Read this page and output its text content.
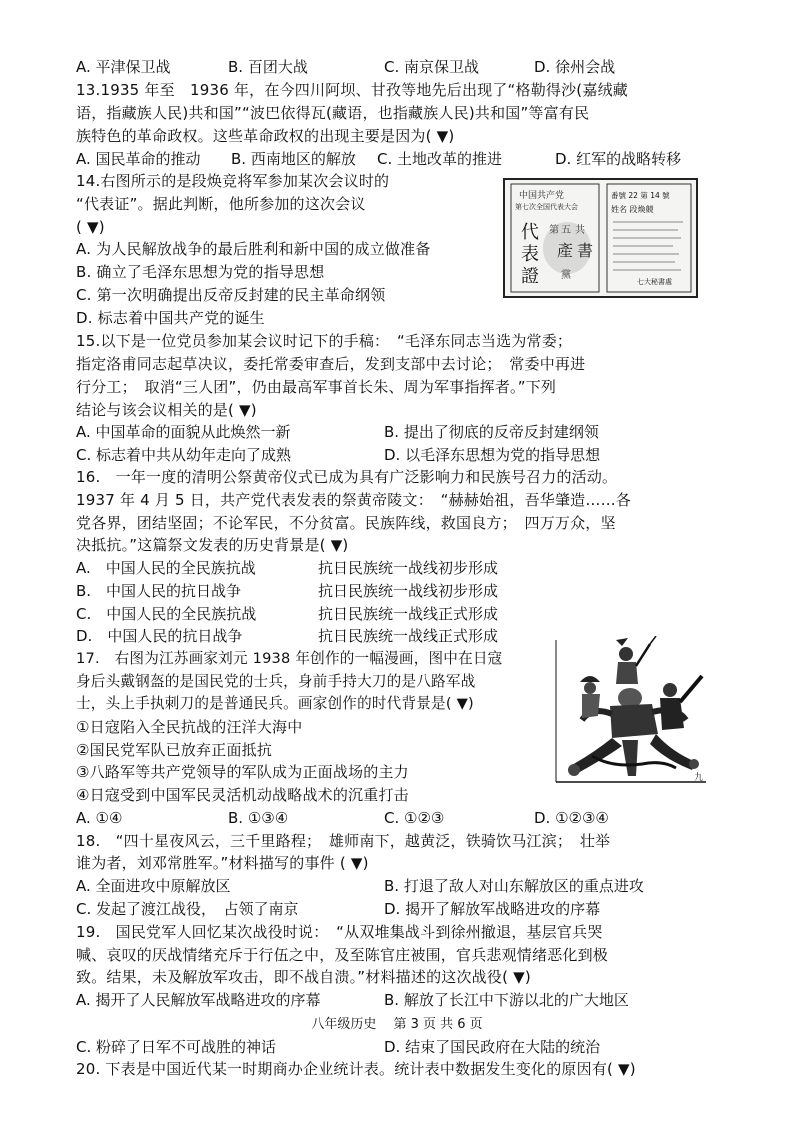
A. 平津保卫战	B. 百团大战	C. 南京保卫战	D. 徐州会战
13.1935 年至　1936 年，在今四川阿坝、甘孜等地先后出现了“格勒得沙(嘉绒藏
语，指藏族人民)共和国”“波巴依得瓦(藏语，也指藏族人民)共和国”等富有民
族特色的革命政权。这些革命政权的出现主要是因为( ▼)
A. 国民革命的推动 B. 西南地区的解放 C. 土地改革的推进	D. 红军的战略转移
14.右图所示的是段焕竞将军参加某次会议时的
“代表证”。据此判断，他所参加的这次会议
( ▼)
A. 为人民解放战争的最后胜利和新中国的成立做准备
B. 确立了毛泽东思想为党的指导思想
C. 第一次明确提出反帝反封建的民主革命纲领
D. 标志着中国共产党的诞生
中国共产党
第七次全国代表大会
代
表
證
第 五 共
產 書
黨
番號 22 第 14 號
姓名 段煥競
七大秘書處
15.以下是一位党员参加某会议时记下的手稿：　“毛泽东同志当选为常委；
指定洛甫同志起草决议，委托常委审查后，发到支部中去讨论；　常委中再进
行分工；　取消“三人团”，仍由最高军事首长朱、周为军事指挥者。”下列
结论与该会议相关的是( ▼)
A. 中国革命的面貌从此焕然一新	B. 提出了彻底的反帝反封建纲领
C. 标志着中共从幼年走向了成熟	D. 以毛泽东思想为党的指导思想
16.　一年一度的清明公祭黄帝仪式已成为具有广泛影响力和民族号召力的活动。
1937 年 4 月 5 日，共产党代表发表的祭黄帝陵文：　“赫赫始祖，吾华肇造……各
党各界，团结坚固；不论军民，不分贫富。民族阵线，救国良方；　四万万众，坚
决抵抗。”这篇祭文发表的历史背景是( ▼)
A.　中国人民的全民族抗战	抗日民族统一战线初步形成
B.　中国人民的抗日战争	抗日民族统一战线初步形成
C.　中国人民的全民族抗战	抗日民族统一战线正式形成
D.　中国人民的抗日战争	抗日民族统一战线正式形成
17.　右图为江苏画家刘元 1938 年创作的一幅漫画，图中在日寇
身后头戴钢盔的是国民党的士兵，身前手持大刀的是八路军战
士，头上手执刺刀的是普通民兵。画家创作的时代背景是( ▼)
①日寇陷入全民抗战的汪洋大海中
②国民党军队已放弃正面抵抗
③八路军等共产党领导的军队成为正面战场的主力
④日寇受到中国军民灵活机动战略战术的沉重打击
A. ①④	B. ①③④	C. ①②③	D. ①②③④
九
18.　“四十星夜风云，三千里路程；　雄师南下，越黄泛，铁骑饮马江滨；　壮举
谁为者，刘邓常胜军。”材料描写的事件 ( ▼)
A. 全面进攻中原解放区	B. 打退了敌人对山东解放区的重点进攻
C. 发起了渡江战役，　占领了南京	D. 揭开了解放军战略进攻的序幕
19.　国民党军人回忆某次战役时说：　“从双堆集战斗到徐州撤退，基层官兵哭
喊、哀叹的厌战情绪充斥于行伍之中，及至陈官庄被围，官兵悲观情绪恶化到极
致。结果，未及解放军攻击，即不战自溃。”材料描述的这次战役( ▼)
A. 揭开了人民解放军战略进攻的序幕	B. 解放了长江中下游以北的广大地区
八年级历史　 第 3 页 共 6 页
C. 粉碎了日军不可战胜的神话	D. 结束了国民政府在大陆的统治
20. 下表是中国近代某一时期商办企业统计表。统计表中数据发生变化的原因有( ▼)
